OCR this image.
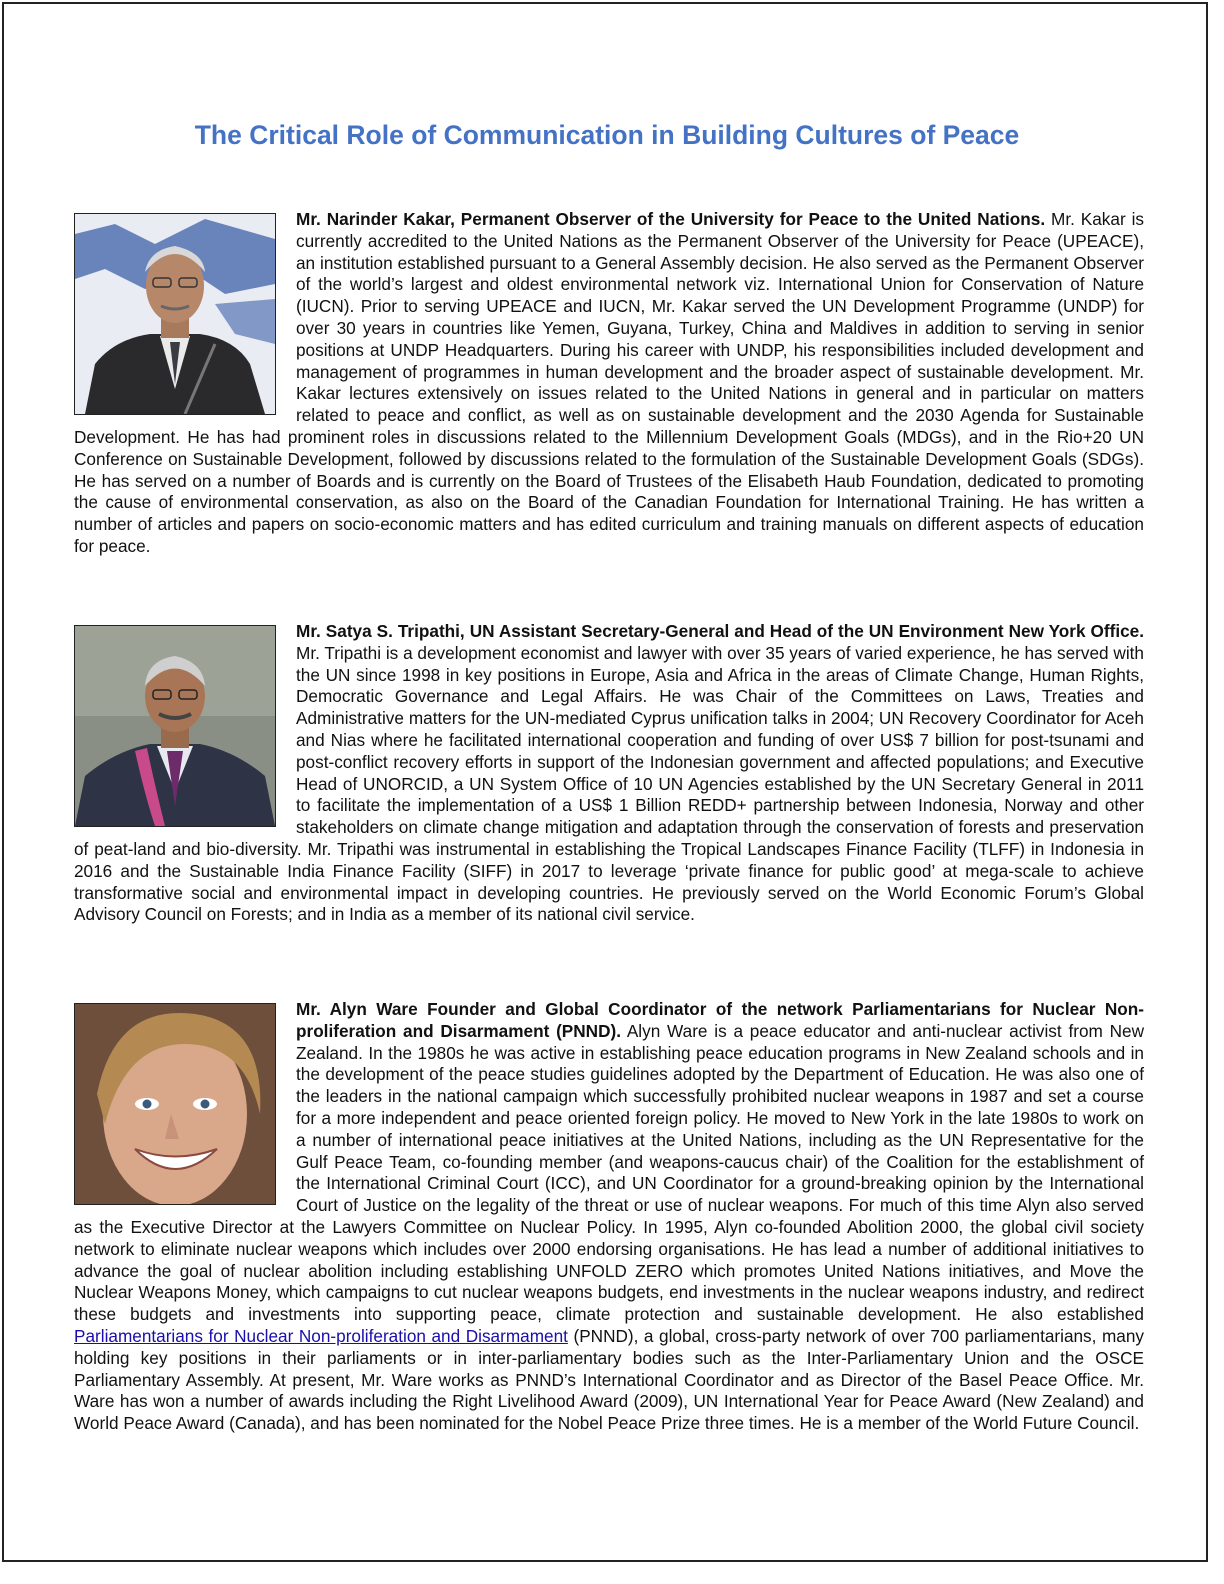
The Critical Role of Communication in Building Cultures of Peace
Mr. Narinder Kakar, Permanent Observer of the University for Peace to the United Nations. Mr. Kakar is currently accredited to the United Nations as the Permanent Observer of the University for Peace (UPEACE), an institution established pursuant to a General Assembly decision. He also served as the Permanent Observer of the world’s largest and oldest environmental network viz. International Union for Conservation of Nature (IUCN). Prior to serving UPEACE and IUCN, Mr. Kakar served the UN Development Programme (UNDP) for over 30 years in countries like Yemen, Guyana, Turkey, China and Maldives in addition to serving in senior positions at UNDP Headquarters. During his career with UNDP, his responsibilities included development and management of programmes in human development and the broader aspect of sustainable development. Mr. Kakar lectures extensively on issues related to the United Nations in general and in particular on matters related to peace and conflict, as well as on sustainable development and the 2030 Agenda for Sustainable Development. He has had prominent roles in discussions related to the Millennium Development Goals (MDGs), and in the Rio+20 UN Conference on Sustainable Development, followed by discussions related to the formulation of the Sustainable Development Goals (SDGs). He has served on a number of Boards and is currently on the Board of Trustees of the Elisabeth Haub Foundation, dedicated to promoting the cause of environmental conservation, as also on the Board of the Canadian Foundation for International Training. He has written a number of articles and papers on socio-economic matters and has edited curriculum and training manuals on different aspects of education for peace.
Mr. Satya S. Tripathi, UN Assistant Secretary-General and Head of the UN Environment New York Office. Mr. Tripathi is a development economist and lawyer with over 35 years of varied experience, he has served with the UN since 1998 in key positions in Europe, Asia and Africa in the areas of Climate Change, Human Rights, Democratic Governance and Legal Affairs. He was Chair of the Committees on Laws, Treaties and Administrative matters for the UN-mediated Cyprus unification talks in 2004; UN Recovery Coordinator for Aceh and Nias where he facilitated international cooperation and funding of over US$ 7 billion for post-tsunami and post-conflict recovery efforts in support of the Indonesian government and affected populations; and Executive Head of UNORCID, a UN System Office of 10 UN Agencies established by the UN Secretary General in 2011 to facilitate the implementation of a US$ 1 Billion REDD+ partnership between Indonesia, Norway and other stakeholders on climate change mitigation and adaptation through the conservation of forests and preservation of peat-land and bio-diversity. Mr. Tripathi was instrumental in establishing the Tropical Landscapes Finance Facility (TLFF) in Indonesia in 2016 and the Sustainable India Finance Facility (SIFF) in 2017 to leverage ‘private finance for public good’ at mega-scale to achieve transformative social and environmental impact in developing countries. He previously served on the World Economic Forum’s Global Advisory Council on Forests; and in India as a member of its national civil service.
Mr. Alyn Ware Founder and Global Coordinator of the network Parliamentarians for Nuclear Non-proliferation and Disarmament (PNND). Alyn Ware is a peace educator and anti-nuclear activist from New Zealand. In the 1980s he was active in establishing peace education programs in New Zealand schools and in the development of the peace studies guidelines adopted by the Department of Education. He was also one of the leaders in the national campaign which successfully prohibited nuclear weapons in 1987 and set a course for a more independent and peace oriented foreign policy. He moved to New York in the late 1980s to work on a number of international peace initiatives at the United Nations, including as the UN Representative for the Gulf Peace Team, co-founding member (and weapons-caucus chair) of the Coalition for the establishment of the International Criminal Court (ICC), and UN Coordinator for a ground-breaking opinion by the International Court of Justice on the legality of the threat or use of nuclear weapons. For much of this time Alyn also served as the Executive Director at the Lawyers Committee on Nuclear Policy. In 1995, Alyn co-founded Abolition 2000, the global civil society network to eliminate nuclear weapons which includes over 2000 endorsing organisations. He has lead a number of additional initiatives to advance the goal of nuclear abolition including establishing UNFOLD ZERO which promotes United Nations initiatives, and Move the Nuclear Weapons Money, which campaigns to cut nuclear weapons budgets, end investments in the nuclear weapons industry, and redirect these budgets and investments into supporting peace, climate protection and sustainable development. He also established Parliamentarians for Nuclear Non-proliferation and Disarmament (PNND), a global, cross-party network of over 700 parliamentarians, many holding key positions in their parliaments or in inter-parliamentary bodies such as the Inter-Parliamentary Union and the OSCE Parliamentary Assembly. At present, Mr. Ware works as PNND’s International Coordinator and as Director of the Basel Peace Office. Mr. Ware has won a number of awards including the Right Livelihood Award (2009), UN International Year for Peace Award (New Zealand) and World Peace Award (Canada), and has been nominated for the Nobel Peace Prize three times. He is a member of the World Future Council.
